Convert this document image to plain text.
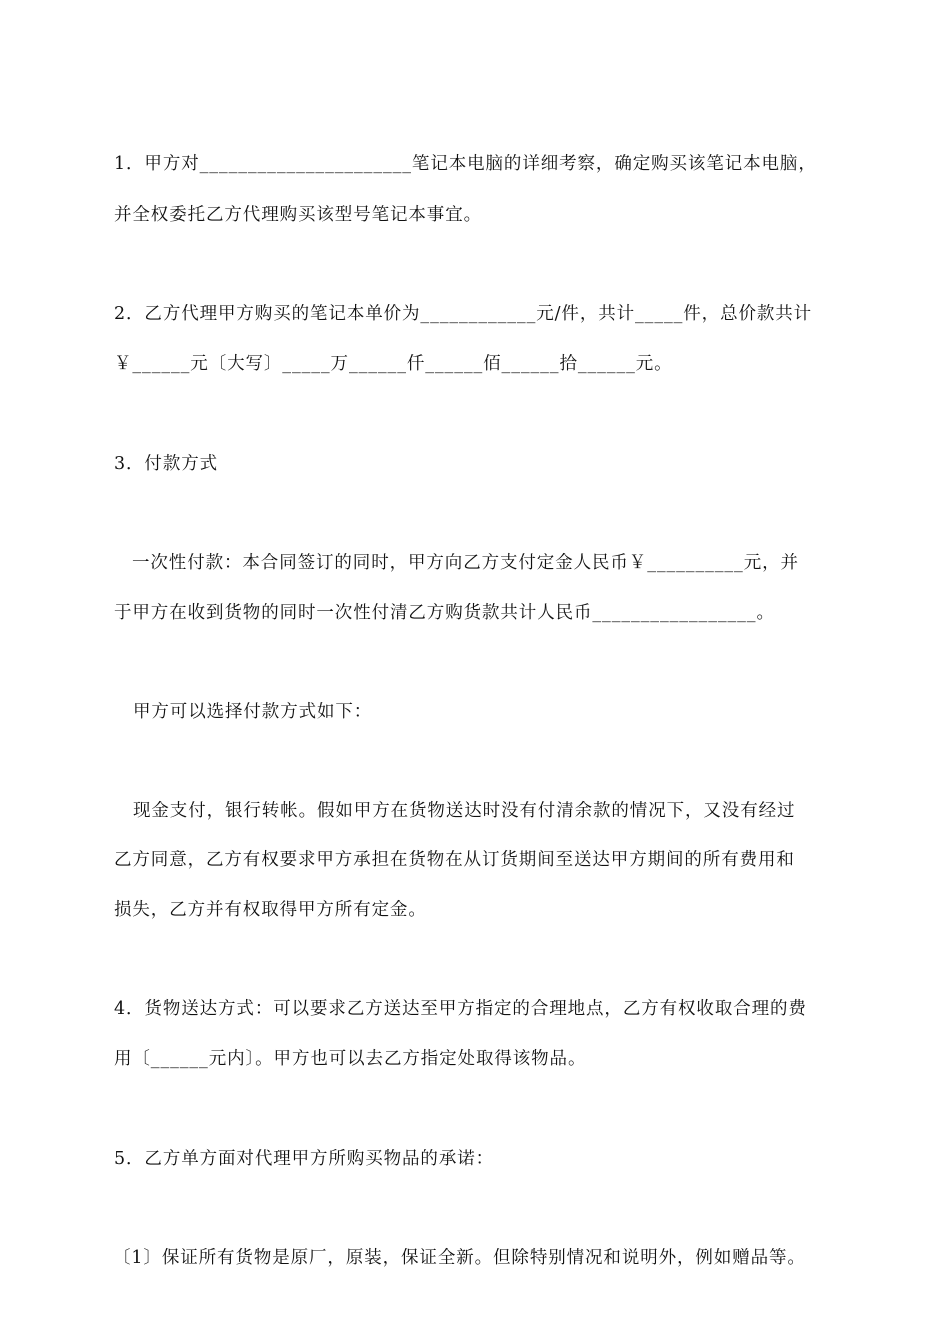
1．甲方对______________________笔记本电脑的详细考察，确定购买该笔记本电脑，
并全权委托乙方代理购买该型号笔记本事宜。
2．乙方代理甲方购买的笔记本单价为____________元/件，共计_____件，总价款共计
￥______元〔大写〕_____万______仟______佰______拾______元。
3．付款方式
一次性付款：本合同签订的同时，甲方向乙方支付定金人民币￥__________元，并
于甲方在收到货物的同时一次性付清乙方购货款共计人民币_________________。
甲方可以选择付款方式如下：
现金支付，银行转帐。假如甲方在货物送达时没有付清余款的情况下，又没有经过
乙方同意，乙方有权要求甲方承担在货物在从订货期间至送达甲方期间的所有费用和
损失，乙方并有权取得甲方所有定金。
4．货物送达方式：可以要求乙方送达至甲方指定的合理地点，乙方有权收取合理的费
用〔______元内〕。甲方也可以去乙方指定处取得该物品。
5．乙方单方面对代理甲方所购买物品的承诺：
〔1〕保证所有货物是原厂，原装，保证全新。但除特别情况和说明外，例如赠品等。
